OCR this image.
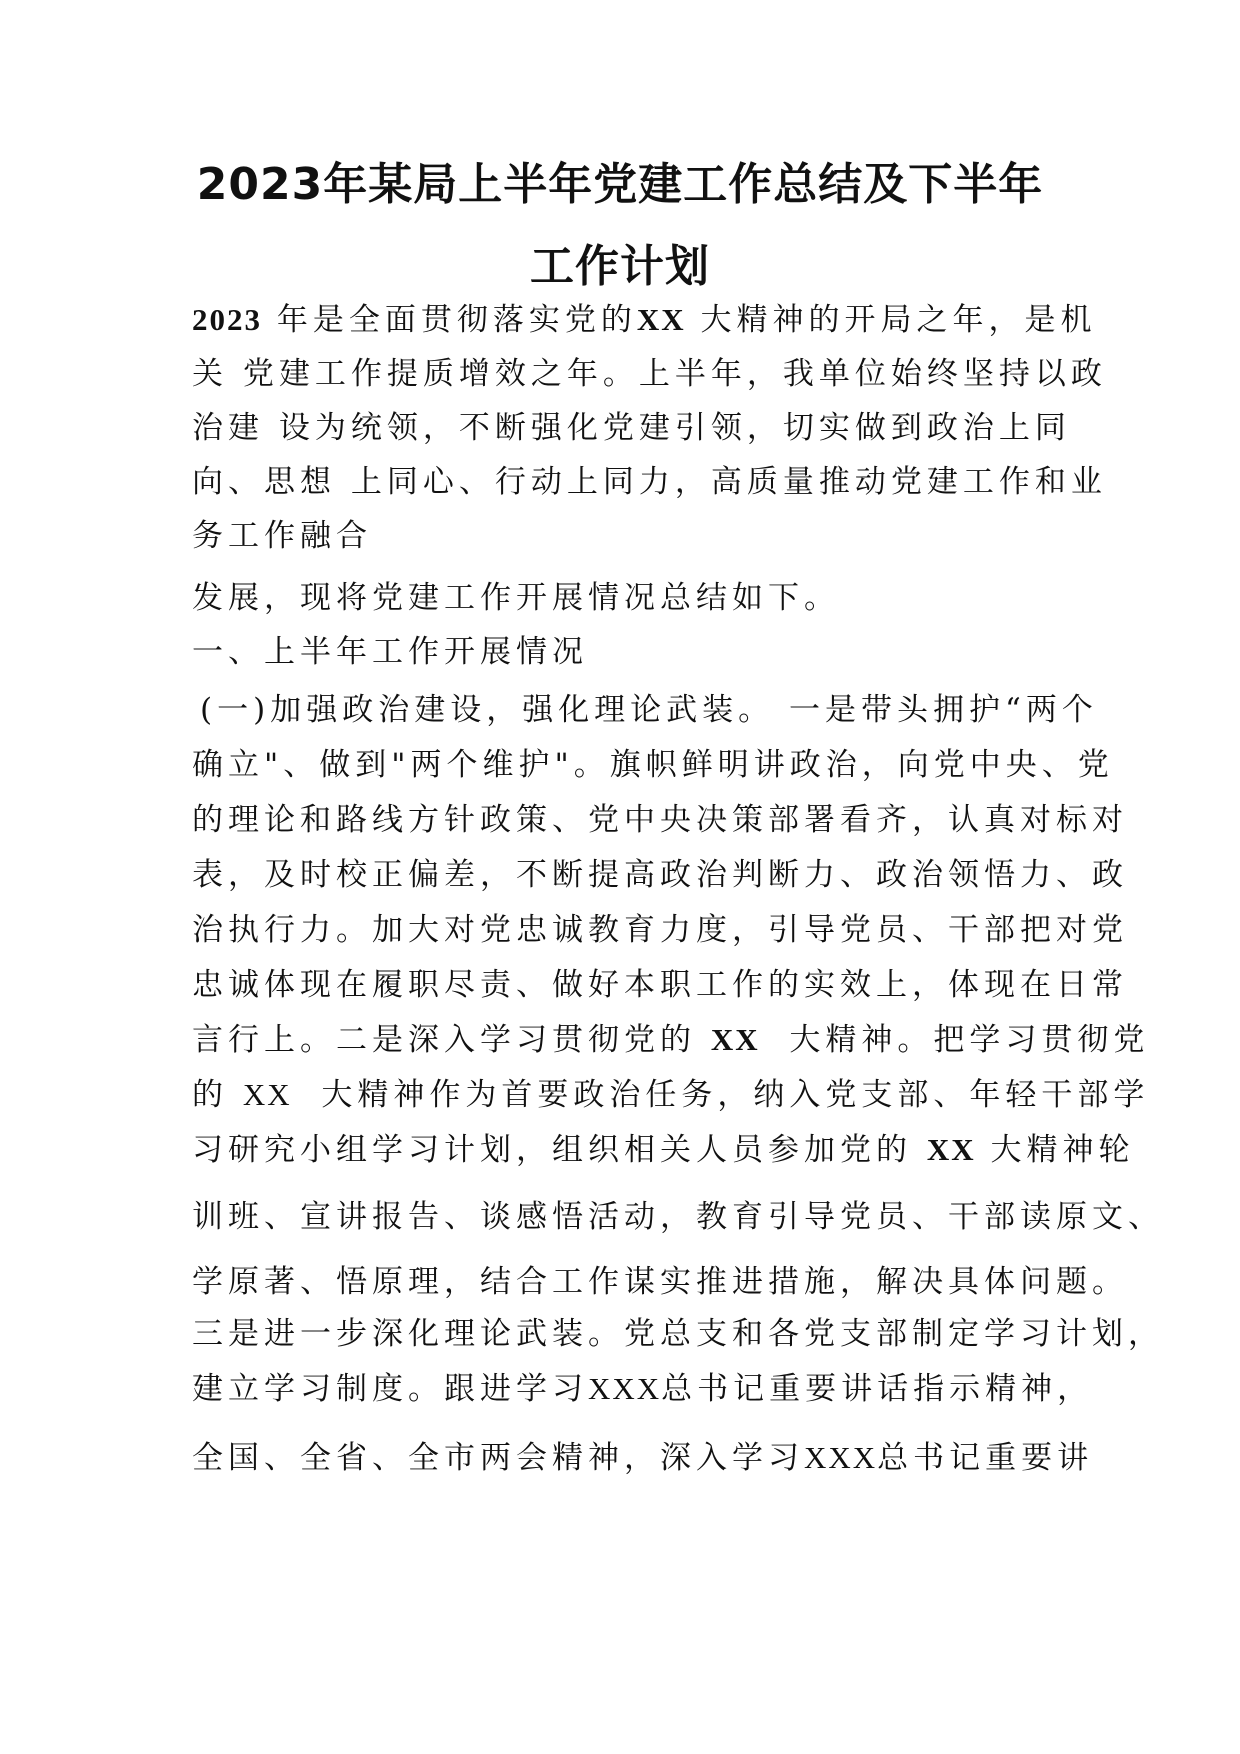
2023年某局上半年党建工作总结及下半年
工作计划
2023 年是全面贯彻落实党的XX 大精神的开局之年，是机
关 党建工作提质增效之年。上半年，我单位始终坚持以政
治建 设为统领，不断强化党建引领，切实做到政治上同
向、思想 上同心、行动上同力，高质量推动党建工作和业
务工作融合
发展，现将党建工作开展情况总结如下。
一、上半年工作开展情况
(一)加强政治建设，强化理论武装。 一是带头拥护“两个
确立"、做到"两个维护"。旗帜鲜明讲政治，向党中央、党
的理论和路线方针政策、党中央决策部署看齐，认真对标对
表，及时校正偏差，不断提高政治判断力、政治领悟力、政
治执行力。加大对党忠诚教育力度，引导党员、干部把对党
忠诚体现在履职尽责、做好本职工作的实效上，体现在日常
言行上。二是深入学习贯彻党的 XX 大精神。把学习贯彻党
的 XX 大精神作为首要政治任务，纳入党支部、年轻干部学
习研究小组学习计划，组织相关人员参加党的 XX 大精神轮
训班、宣讲报告、谈感悟活动，教育引导党员、干部读原文、
学原著、悟原理，结合工作谋实推进措施，解决具体问题。
三是进一步深化理论武装。党总支和各党支部制定学习计划，
建立学习制度。跟进学习XXX总书记重要讲话指示精神，
全国、全省、全市两会精神，深入学习XXX总书记重要讲
